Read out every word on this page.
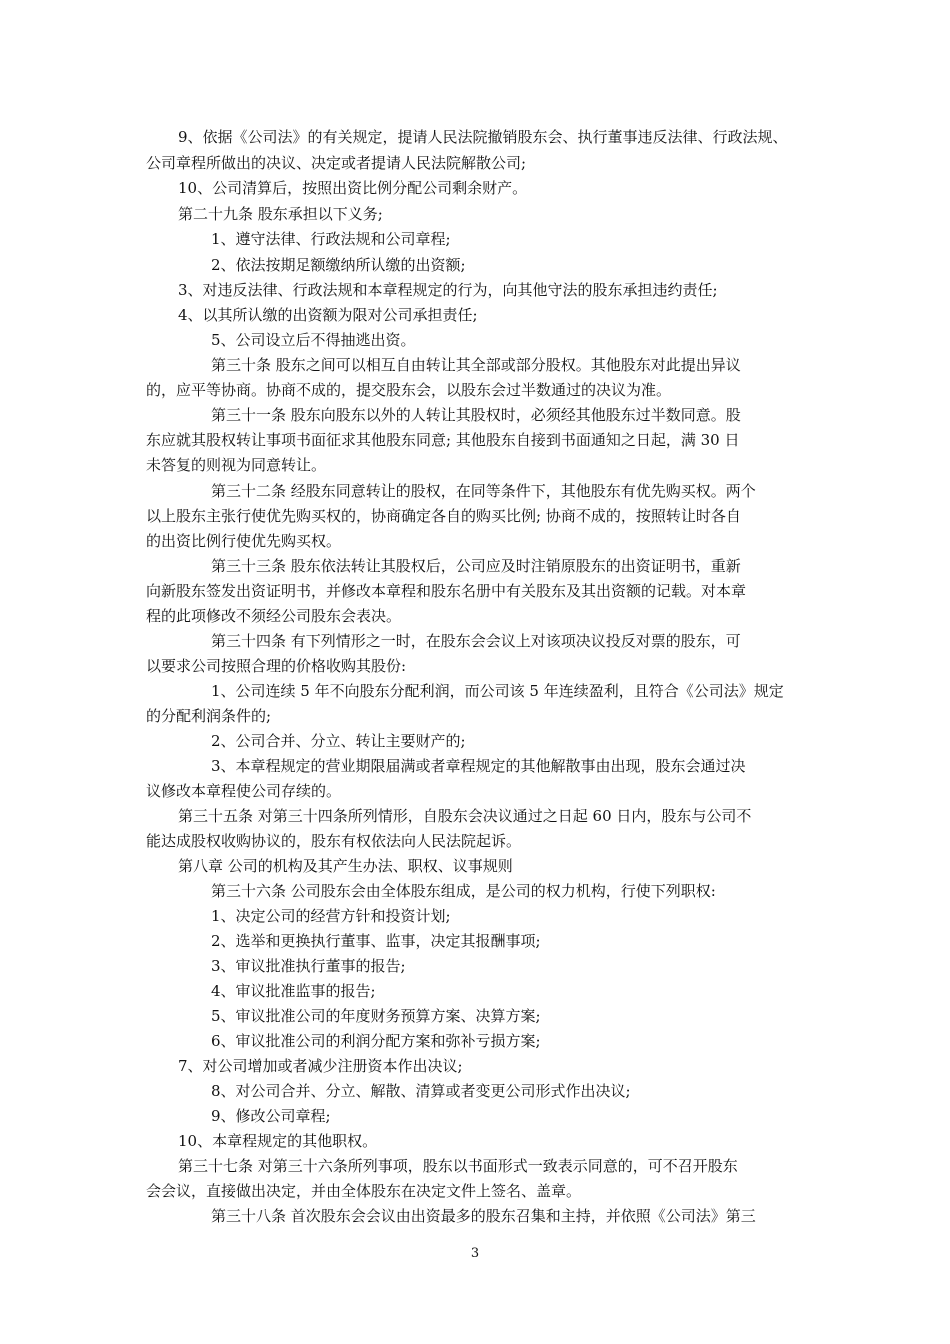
9、依据《公司法》的有关规定，提请人民法院撤销股东会、执行董事违反法律、行政法规、
公司章程所做出的决议、决定或者提请人民法院解散公司;
10、公司清算后，按照出资比例分配公司剩余财产。
第二十九条 股东承担以下义务;
1、遵守法律、行政法规和公司章程;
2、依法按期足额缴纳所认缴的出资额;
3、对违反法律、行政法规和本章程规定的行为，向其他守法的股东承担违约责任;
4、以其所认缴的出资额为限对公司承担责任;
5、公司设立后不得抽逃出资。
第三十条 股东之间可以相互自由转让其全部或部分股权。其他股东对此提出异议
的，应平等协商。协商不成的，提交股东会，以股东会过半数通过的决议为准。
第三十一条 股东向股东以外的人转让其股权时，必须经其他股东过半数同意。股
东应就其股权转让事项书面征求其他股东同意; 其他股东自接到书面通知之日起，满 30 日
未答复的则视为同意转让。
第三十二条 经股东同意转让的股权，在同等条件下，其他股东有优先购买权。两个
以上股东主张行使优先购买权的，协商确定各自的购买比例; 协商不成的，按照转让时各自
的出资比例行使优先购买权。
第三十三条 股东依法转让其股权后，公司应及时注销原股东的出资证明书，重新
向新股东签发出资证明书，并修改本章程和股东名册中有关股东及其出资额的记载。对本章
程的此项修改不须经公司股东会表决。
第三十四条 有下列情形之一时，在股东会会议上对该项决议投反对票的股东，可
以要求公司按照合理的价格收购其股份:
1、公司连续 5 年不向股东分配利润，而公司该 5 年连续盈利，且符合《公司法》规定
的分配利润条件的;
2、公司合并、分立、转让主要财产的;
3、本章程规定的营业期限届满或者章程规定的其他解散事由出现，股东会通过决
议修改本章程使公司存续的。
第三十五条 对第三十四条所列情形，自股东会决议通过之日起 60 日内，股东与公司不
能达成股权收购协议的，股东有权依法向人民法院起诉。
第八章 公司的机构及其产生办法、职权、议事规则
第三十六条 公司股东会由全体股东组成，是公司的权力机构，行使下列职权:
1、决定公司的经营方针和投资计划;
2、选举和更换执行董事、监事，决定其报酬事项;
3、审议批准执行董事的报告;
4、审议批准监事的报告;
5、审议批准公司的年度财务预算方案、决算方案;
6、审议批准公司的利润分配方案和弥补亏损方案;
7、对公司增加或者减少注册资本作出决议;
8、对公司合并、分立、解散、清算或者变更公司形式作出决议;
9、修改公司章程;
10、本章程规定的其他职权。
第三十七条 对第三十六条所列事项，股东以书面形式一致表示同意的，可不召开股东
会会议，直接做出决定，并由全体股东在决定文件上签名、盖章。
第三十八条 首次股东会会议由出资最多的股东召集和主持，并依照《公司法》第三
3
